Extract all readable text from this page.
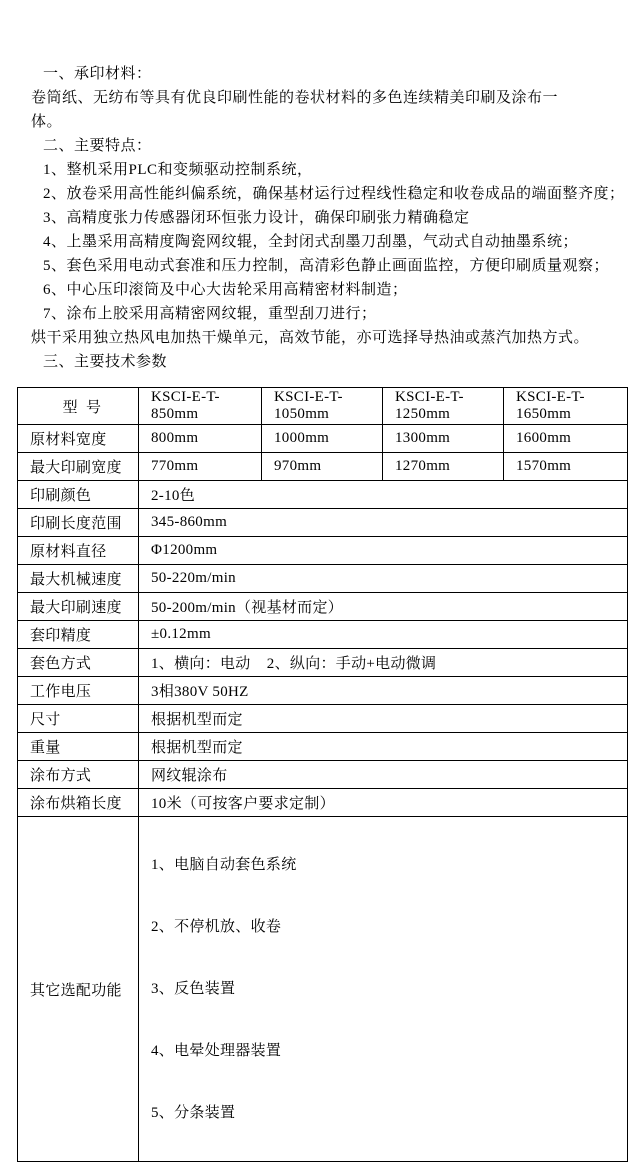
一、承印材料：
卷筒纸、无纺布等具有优良印刷性能的卷状材料的多色连续精美印刷及涂布一
体。
二、主要特点：
1、整机采用PLC和变频驱动控制系统，
2、放卷采用高性能纠偏系统，确保基材运行过程线性稳定和收卷成品的端面整齐度；
3、高精度张力传感器闭环恒张力设计，确保印刷张力精确稳定
4、上墨采用高精度陶瓷网纹辊，全封闭式刮墨刀刮墨，气动式自动抽墨系统；
5、套色采用电动式套准和压力控制，高清彩色静止画面监控，方便印刷质量观察；
6、中心压印滚筒及中心大齿轮采用高精密材料制造；
7、涂布上胶采用高精密网纹辊，重型刮刀进行；
烘干采用独立热风电加热干燥单元，高效节能，亦可选择导热油或蒸汽加热方式。
三、主要技术参数
型  号	KSCI-E-T-850mm	KSCI-E-T-1050mm	KSCI-E-T-1250mm	KSCI-E-T-1650mm
原材料宽度	800mm	1000mm	1300mm	1600mm
最大印刷宽度	770mm	970mm	1270mm	1570mm
印刷颜色	2-10色			
印刷长度范围	345-860mm			
原材料直径	Φ1200mm			
最大机械速度	50-220m/min			
最大印刷速度	50-200m/min（视基材而定）			
套印精度	±0.12mm			
套色方式	1、横向：电动    2、纵向：手动+电动微调			
工作电压	3相380V 50HZ			
尺寸	根据机型而定			
重量	根据机型而定			
涂布方式	网纹辊涂布			
涂布烘箱长度	10米（可按客户要求定制）			
其它选配功能	1、电脑自动套色系统

2、不停机放、收卷

3、反色装置

4、电晕处理器装置

5、分条装置			
